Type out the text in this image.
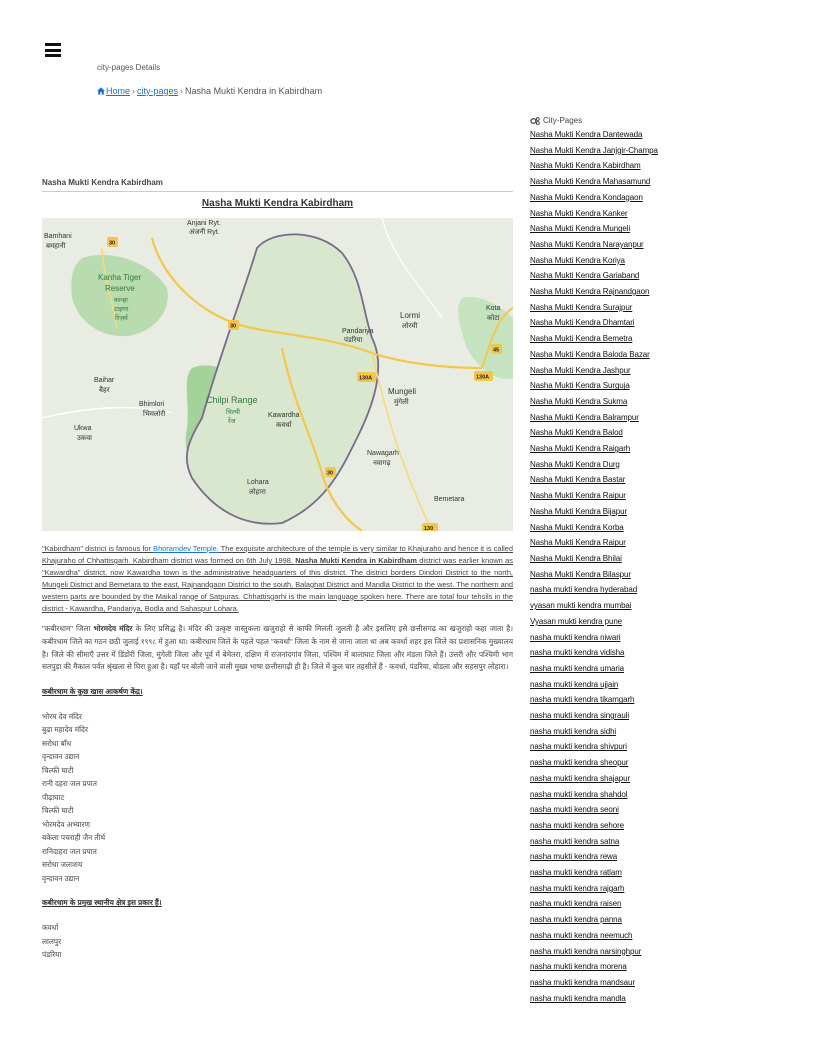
city-pages Details
Home › city-pages › Nasha Mukti Kendra in Kabirdham
Nasha Mukti Kendra Kabirdham
Nasha Mukti Kendra Kabirdham
Bamhani
बमहानी
Anjani Ryt.
अंजनी Ryt.
Pandariya
पंडरिया
Lormi
लोरमी
Kota
कोटा
Baihar
बैहर
Bhimlori
भिमलोरी	Kawardha
कवर्धा
Mungeli
मुंगेली
Ukwa
उकवा
Nawagarh
नवागढ़
Lohara
लोहारा
Bemetara
Kanha Tiger
Reserve
कान्हा
टाइगर
रिज़र्व
Chilpi Range
चिल्पी
रेंज
30
30
30
45
130A	130A
130
"Kabirdham" district is famous for Bhoramdev Temple. The exquisite architecture of the temple is very similar to Khajuraho and hence it is called Khajuraho of Chhattisgarh. Kabirdham district was formed on 6th July 1998. Nasha Mukti Kendra in Kabirdham district was earlier known as "Kawardha" district, now Kawardha town is the administrative headquarters of this district. The district borders Dindori District to the north, Mungeli District and Bemetara to the east, Rajnandgaon District to the south, Balaghat District and Mandla District to the west. The northern and western parts are bounded by the Maikal range of Satpuras. Chhattisgarhi is the main language spoken here. There are total four tehsils in the district - Kawardha, Pandariya, Bodla and Sahaspur Lohara.
"कबीरधाम" जिला भोरमदेव मंदिर के लिए प्रसिद्ध है। मंदिर की उत्कृष्ट वास्तुकला खजुराहो से काफी मिलती जुलती है और इसलिए इसे छत्तीसगढ़ का खजुराहो कहा जाता है। कबीरधाम जिले का गठन छठी जुलाई १९९८ में हुआ था। कबीरधाम जिले के पहले पहल "कवर्धा" जिला के नाम से जाना जाता था अब कवर्धा शहर इस जिले का प्रशासनिक मुख्यालय है। जिले की सीमाएँ उत्तर में डिंडोरी जिला, मुंगेली जिला और पूर्व में बेमेतरा, दक्षिण में राजनांदगांव जिला, पश्चिम में बालाघाट जिला और मंडला जिले हैं। उत्तरी और पश्चिमी भाग सतपुड़ा की मैकाल पर्वत श्रृंखला से घिरा हुआ है। यहाँ पर बोली जाने वाली मुख्य भाषा छत्तीसगढ़ी ही है। जिले में कुल चार तहसीलें हैं - कवर्धा, पंडरिया, बोडला और सहसपुर लोहारा।
कबीरधाम के कुछ खास आकर्षण केंद्र।
भोरम देव मंदिर
बुढा महादेव मंदिर
सरोधा बाँध
वृन्दावन उद्यान
चिल्फी घाटी
रानी दहरा जल प्रपात
पीढ़ाघाट
चिल्फी घाटी
भोरमदेव अभ्यारण
बकेला पचराही जैन तीर्थ
रानिदाहरा जल प्रपात
सरोधा जलाशय
वृन्दावन उद्यान
कबीरधाम के प्रमुख स्थानीय क्षेत्र इस प्रकार हैं।
कवर्धा
लालपुर
पंडरिया
City-Pages
Nasha Mukti Kendra Dantewada
Nasha Mukti Kendra Janjgir-Champa
Nasha Mukti Kendra Kabirdham
Nasha Mukti Kendra Mahasamund
Nasha Mukti Kendra Kondagaon
Nasha Mukti Kendra Kanker
Nasha Mukti Kendra Mungeli
Nasha Mukti Kendra Narayanpur
Nasha Mukti Kendra Koriya
Nasha Mukti Kendra Gariaband
Nasha Mukti Kendra Rajnandgaon
Nasha Mukti Kendra Surajpur
Nasha Mukti Kendra Dhamtari
Nasha Mukti Kendra Bemetra
Nasha Mukti Kendra Baloda Bazar
Nasha Mukti Kendra Jashpur
Nasha Mukti Kendra Surguja
Nasha Mukti Kendra Sukma
Nasha Mukti Kendra Balrampur
Nasha Mukti Kendra Balod
Nasha Mukti Kendra Raigarh
Nasha Mukti Kendra Durg
Nasha Mukti Kendra Bastar
Nasha Mukti Kendra Raipur
Nasha Mukti Kendra Bijapur
Nasha Mukti Kendra Korba
Nasha Mukti Kendra Raipur
Nasha Mukti Kendra Bhilai
Nasha Mukti Kendra Bilaspur
nasha mukti kendra hyderabad
vyasan mukti kendra mumbai
Vyasan mukti kendra pune
nasha mukti kendra niwari
nasha mukti kendra vidisha
nasha mukti kendra umaria
nasha mukti kendra ujjain
nasha mukti kendra tikamgarh
nasha mukti kendra singrauli
nasha mukti kendra sidhi
nasha mukti kendra shivpuri
nasha mukti kendra sheopur
nasha mukti kendra shajapur
nasha mukti kendra shahdol
nasha mukti kendra seoni
nasha mukti kendra sehore
nasha mukti kendra satna
nasha mukti kendra rewa
nasha mukti kendra ratlam
nasha mukti kendra rajgarh
nasha mukti kendra raisen
nasha mukti kendra panna
nasha mukti kendra neemuch
nasha mukti kendra narsinghpur
nasha mukti kendra morena
nasha mukti kendra mandsaur
nasha mukti kendra mandla
